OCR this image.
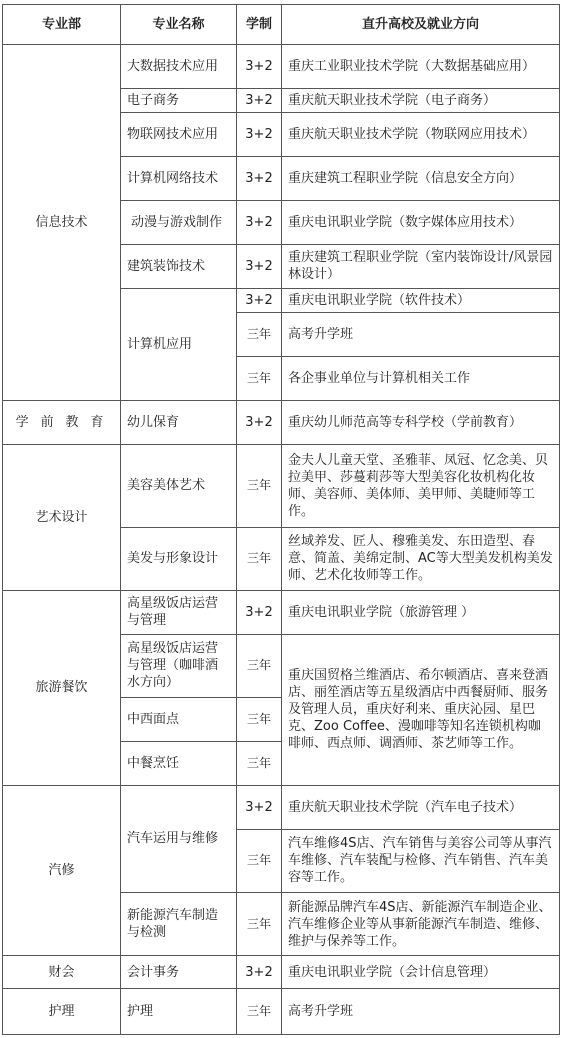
专业部	专业名称	学制	直升高校及就业方向
信息技术	大数据技术应用	3+2	重庆工业职业技术学院（大数据基础应用）
	电子商务	3+2	重庆航天职业技术学院（电子商务）
	物联网技术应用	3+2	重庆航天职业技术学院（物联网应用技术）
	计算机网络技术	3+2	重庆建筑工程职业学院（信息安全方向）
	动漫与游戏制作	3+2	重庆电讯职业学院（数字媒体应用技术）
	建筑装饰技术	3+2	重庆建筑工程职业学院（室内装饰设计/风景园林设计）
	计算机应用	3+2	重庆电讯职业学院（软件技术）
		三年	高考升学班
		三年	各企事业单位与计算机相关工作
学 前 教 育	幼儿保育	3+2	重庆幼儿师范高等专科学校（学前教育）
艺术设计	美容美体艺术	三年	金夫人儿童天堂、圣雅菲、凤冠、忆念美、贝拉美甲、莎蔓莉莎等大型美容化妆机构化妆师、美容师、美体师、美甲师、美睫师等工作。
	美发与形象设计	三年	丝域养发、匠人、穆雅美发、东田造型、春意、简盖、美绵定制、AC等大型美发机构美发师、艺术化妆师等工作。
旅游餐饮	高星级饭店运营与管理	3+2	重庆电讯职业学院（旅游管理 ）
	高星级饭店运营与管理（咖啡酒水方向）	三年	重庆国贸格兰维酒店、希尔顿酒店、喜来登酒店、丽笙酒店等五星级酒店中西餐厨师、服务及管理人员，重庆好利来、重庆沁园、星巴克、Zoo Coffee、漫咖啡等知名连锁机构咖啡师、西点师、调酒师、茶艺师等工作。
	中西面点	三年	
	中餐烹饪	三年	
汽修	汽车运用与维修	3+2	重庆航天职业技术学院（汽车电子技术）
		三年	汽车维修4S店、汽车销售与美容公司等从事汽车维修、汽车装配与检修、汽车销售、汽车美容等工作。
	新能源汽车制造与检测	三年	新能源品牌汽车4S店、新能源汽车制造企业、汽车维修企业等从事新能源汽车制造、维修、维护与保养等工作。
财会	会计事务	3+2	重庆电讯职业学院（会计信息管理）
护理	护理	三年	高考升学班
